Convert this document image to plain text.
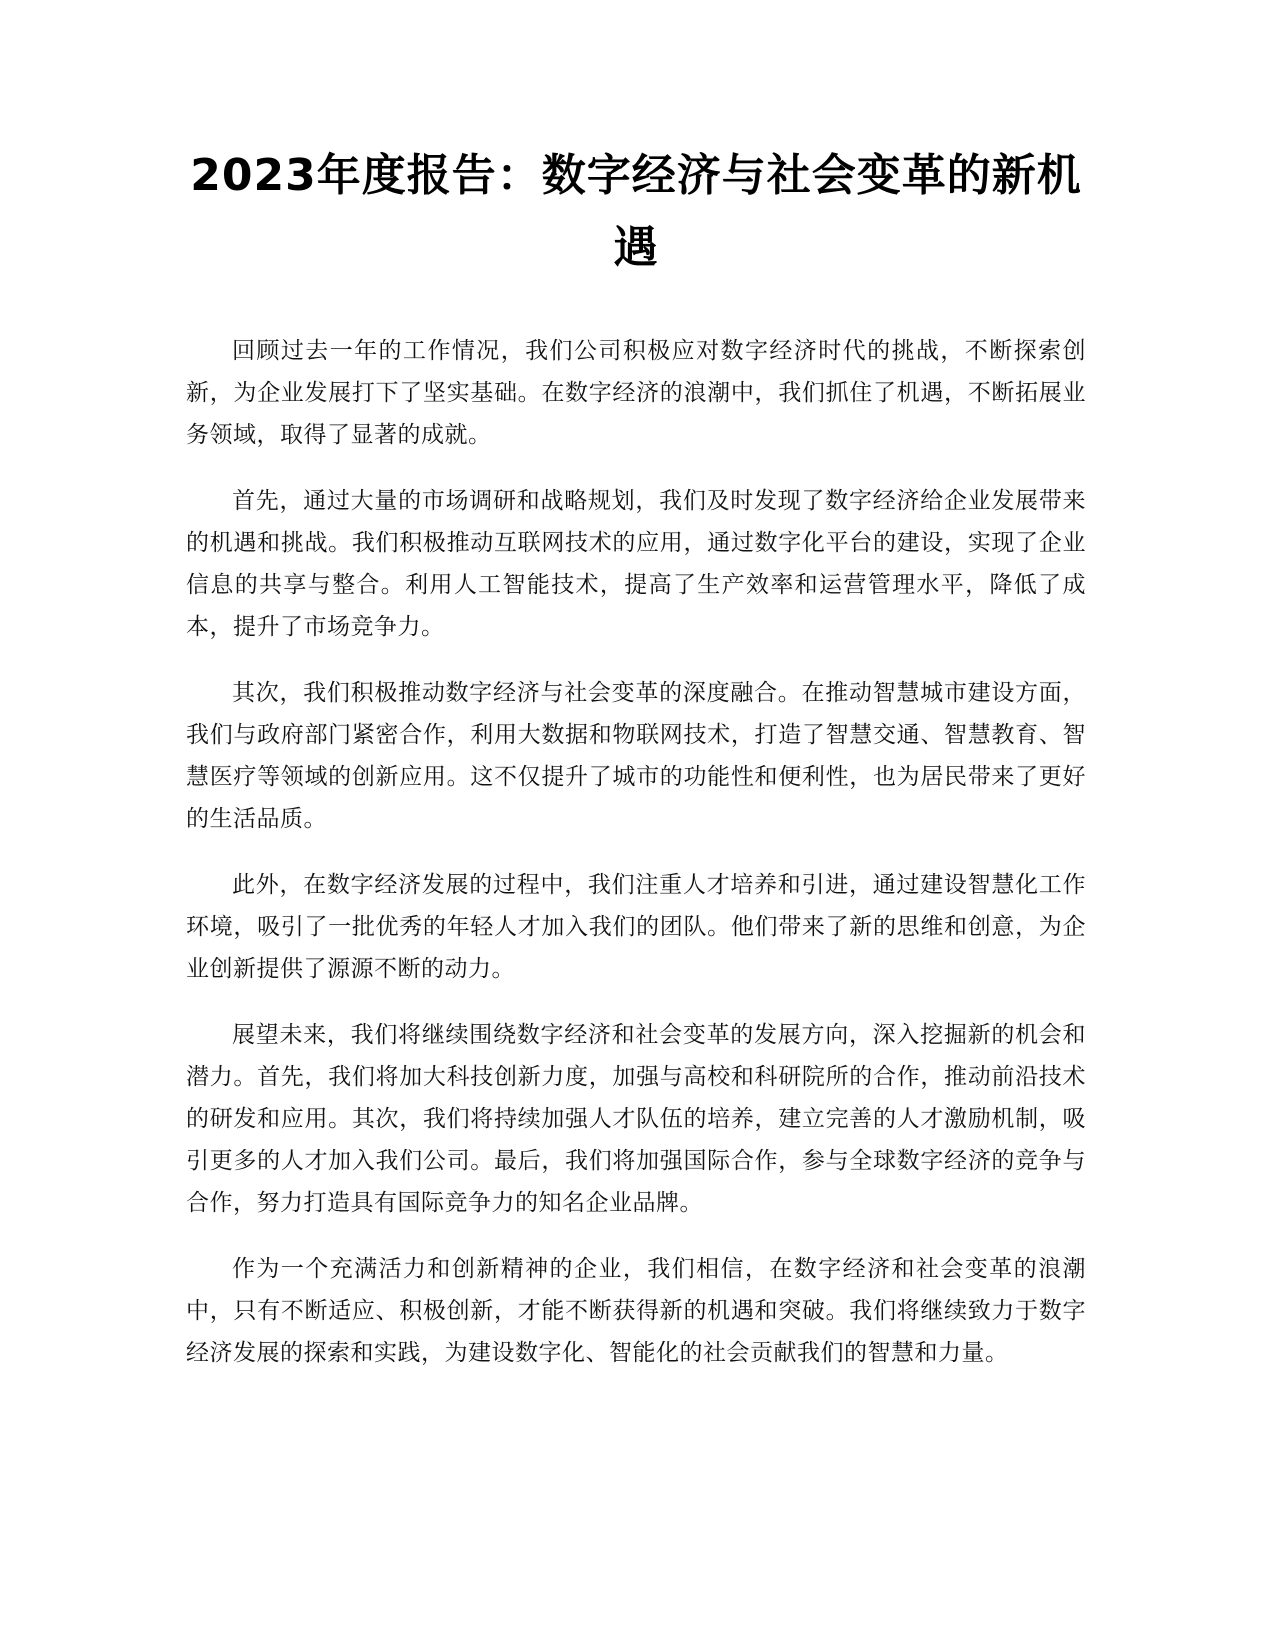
2023年度报告：数字经济与社会变革的新机遇

回顾过去一年的工作情况，我们公司积极应对数字经济时代的挑战，不断探索创新，为企业发展打下了坚实基础。在数字经济的浪潮中，我们抓住了机遇，不断拓展业务领域，取得了显著的成就。

首先，通过大量的市场调研和战略规划，我们及时发现了数字经济给企业发展带来的机遇和挑战。我们积极推动互联网技术的应用，通过数字化平台的建设，实现了企业信息的共享与整合。利用人工智能技术，提高了生产效率和运营管理水平，降低了成本，提升了市场竞争力。

其次，我们积极推动数字经济与社会变革的深度融合。在推动智慧城市建设方面，我们与政府部门紧密合作，利用大数据和物联网技术，打造了智慧交通、智慧教育、智慧医疗等领域的创新应用。这不仅提升了城市的功能性和便利性，也为居民带来了更好的生活品质。

此外，在数字经济发展的过程中，我们注重人才培养和引进，通过建设智慧化工作环境，吸引了一批优秀的年轻人才加入我们的团队。他们带来了新的思维和创意，为企业创新提供了源源不断的动力。

展望未来，我们将继续围绕数字经济和社会变革的发展方向，深入挖掘新的机会和潜力。首先，我们将加大科技创新力度，加强与高校和科研院所的合作，推动前沿技术的研发和应用。其次，我们将持续加强人才队伍的培养，建立完善的人才激励机制，吸引更多的人才加入我们公司。最后，我们将加强国际合作，参与全球数字经济的竞争与合作，努力打造具有国际竞争力的知名企业品牌。

作为一个充满活力和创新精神的企业，我们相信，在数字经济和社会变革的浪潮中，只有不断适应、积极创新，才能不断获得新的机遇和突破。我们将继续致力于数字经济发展的探索和实践，为建设数字化、智能化的社会贡献我们的智慧和力量。
